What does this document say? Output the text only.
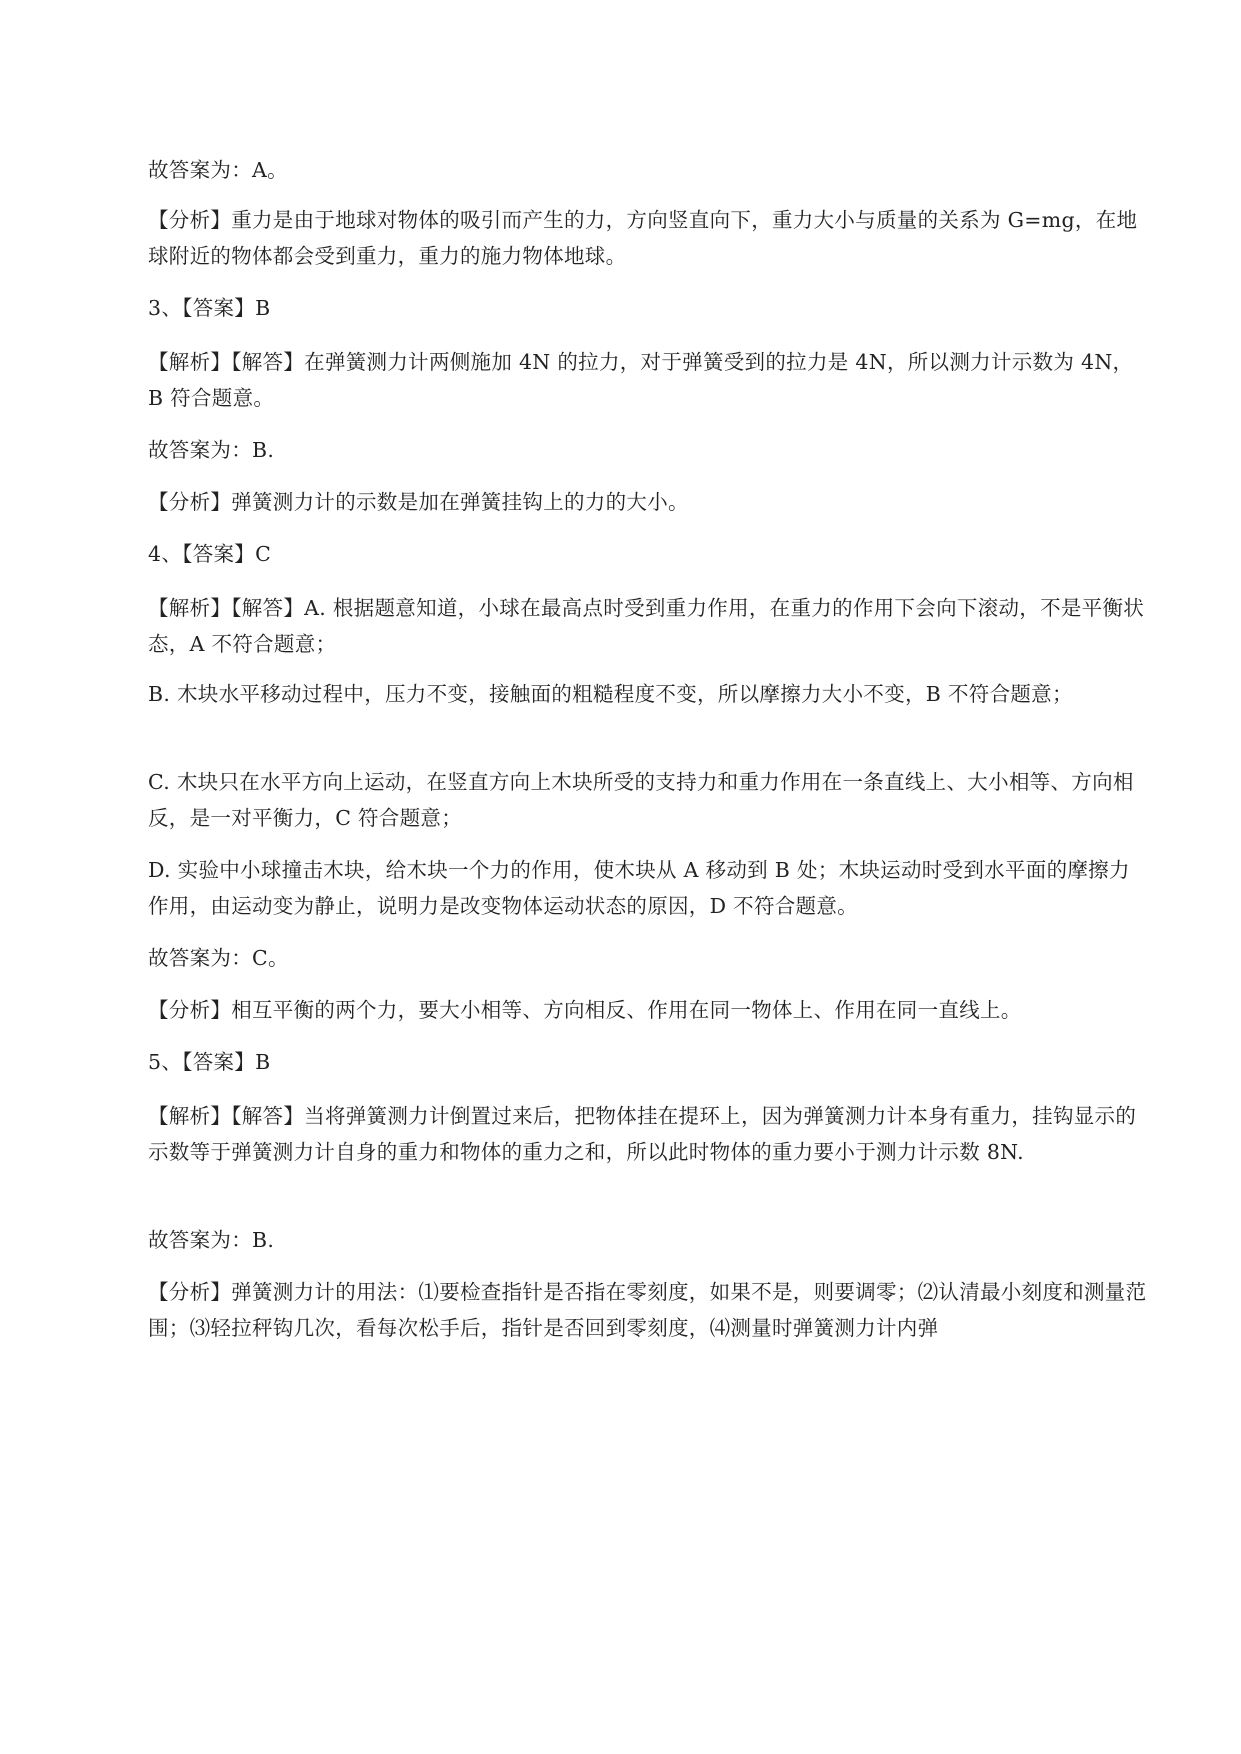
故答案为：A。

【分析】重力是由于地球对物体的吸引而产生的力，方向竖直向下，重力大小与质量的关系为 G=mg，在地球附近的物体都会受到重力，重力的施力物体地球。

3、【答案】B

【解析】【解答】在弹簧测力计两侧施加 4N 的拉力，对于弹簧受到的拉力是 4N，所以测力计示数为 4N，B 符合题意。

故答案为：B.

【分析】弹簧测力计的示数是加在弹簧挂钩上的力的大小。

4、【答案】C

【解析】【解答】A. 根据题意知道，小球在最高点时受到重力作用，在重力的作用下会向下滚动，不是平衡状态，A 不符合题意；

B. 木块水平移动过程中，压力不变，接触面的粗糙程度不变，所以摩擦力大小不变，B 不符合题意；

C. 木块只在水平方向上运动，在竖直方向上木块所受的支持力和重力作用在一条直线上、大小相等、方向相反，是一对平衡力，C 符合题意；

D. 实验中小球撞击木块，给木块一个力的作用，使木块从 A 移动到 B 处；木块运动时受到水平面的摩擦力作用，由运动变为静止，说明力是改变物体运动状态的原因，D 不符合题意。

故答案为：C。

【分析】相互平衡的两个力，要大小相等、方向相反、作用在同一物体上、作用在同一直线上。

5、【答案】B

【解析】【解答】当将弹簧测力计倒置过来后，把物体挂在提环上，因为弹簧测力计本身有重力，挂钩显示的示数等于弹簧测力计自身的重力和物体的重力之和，所以此时物体的重力要小于测力计示数 8N.

故答案为：B.

【分析】弹簧测力计的用法：⑴要检查指针是否指在零刻度，如果不是，则要调零；⑵认清最小刻度和测量范围；⑶轻拉秤钩几次，看每次松手后，指针是否回到零刻度，⑷测量时弹簧测力计内弹
